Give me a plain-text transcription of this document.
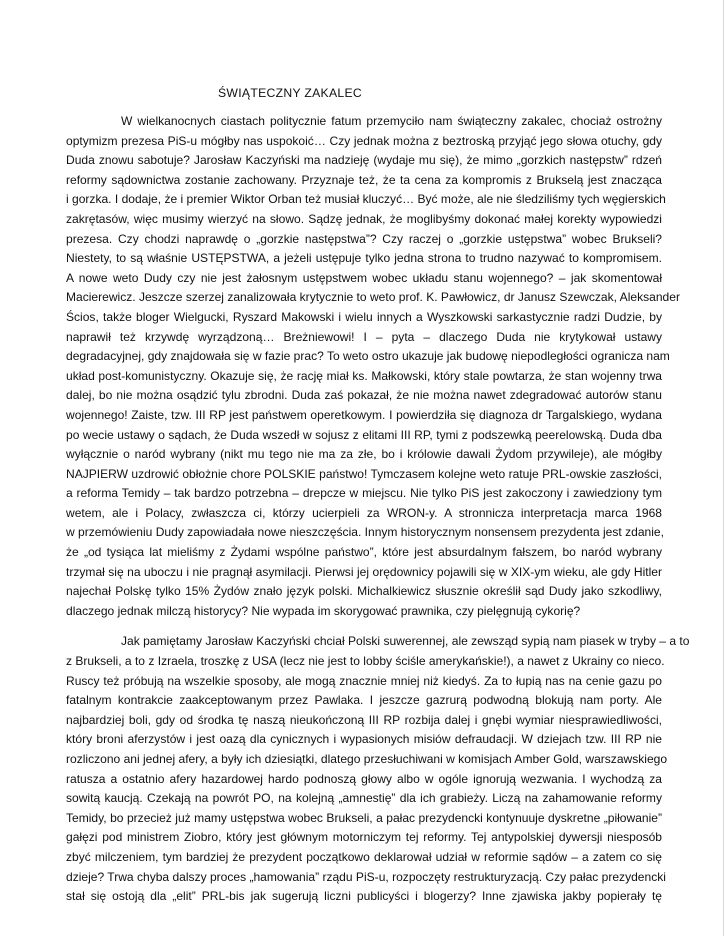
ŚWIĄTECZNY ZAKALEC

W wielkanocnych ciastach politycznie fatum przemyciło nam świąteczny zakalec, chociaż ostrożny
optymizm prezesa PiS-u mógłby nas uspokoić… Czy jednak można z beztroską przyjąć jego słowa otuchy, gdy
Duda znowu sabotuje? Jarosław Kaczyński ma nadzieję (wydaje mu się), że mimo „gorzkich następstw” rdzeń
reformy sądownictwa zostanie zachowany. Przyznaje też, że ta cena za kompromis z Brukselą jest znacząca
i gorzka. I dodaje, że i premier Wiktor Orban też musiał kluczyć… Być może, ale nie śledziliśmy tych węgierskich
zakrętasów, więc musimy wierzyć na słowo. Sądzę jednak, że moglibyśmy dokonać małej korekty wypowiedzi
prezesa. Czy chodzi naprawdę o „gorzkie następstwa”? Czy raczej o „gorzkie ustępstwa” wobec Brukseli?
Niestety, to są właśnie USTĘPSTWA, a jeżeli ustępuje tylko jedna strona to trudno nazywać to kompromisem.
A nowe weto Dudy czy nie jest żałosnym ustępstwem wobec układu stanu wojennego? – jak skomentował
Macierewicz. Jeszcze szerzej zanalizowała krytycznie to weto prof. K. Pawłowicz, dr Janusz Szewczak, Aleksander
Ścios, także bloger Wielgucki, Ryszard Makowski i wielu innych a Wyszkowski sarkastycznie radzi Dudzie, by
naprawił też krzywdę wyrządzoną… Breżniewowi! I – pyta – dlaczego Duda nie krytykował ustawy
degradacyjnej, gdy znajdowała się w fazie prac? To weto ostro ukazuje jak budowę niepodległości ogranicza nam
układ post-komunistyczny. Okazuje się, że rację miał ks. Małkowski, który stale powtarza, że stan wojenny trwa
dalej, bo nie można osądzić tylu zbrodni. Duda zaś pokazał, że nie można nawet zdegradować autorów stanu
wojennego! Zaiste, tzw. III RP jest państwem operetkowym. I powierdziła się diagnoza dr Targalskiego, wydana
po wecie ustawy o sądach, że Duda wszedł w sojusz z elitami III RP, tymi z podszewką peerelowską. Duda dba
wyłącznie o naród wybrany (nikt mu tego nie ma za złe, bo i królowie dawali Żydom przywileje), ale mógłby
NAJPIERW uzdrowić obłożnie chore POLSKIE państwo! Tymczasem kolejne weto ratuje PRL-owskie zaszłości,
a reforma Temidy – tak bardzo potrzebna – drepcze w miejscu. Nie tylko PiS jest zakoczony i zawiedziony tym
wetem, ale i Polacy, zwłaszcza ci, którzy ucierpieli za WRON-y. A stronnicza interpretacja marca 1968
w przemówieniu Dudy zapowiadała nowe nieszczęścia. Innym historycznym nonsensem prezydenta jest zdanie,
że „od tysiąca lat mieliśmy z Żydami wspólne państwo”, które jest absurdalnym fałszem, bo naród wybrany
trzymał się na uboczu i nie pragnął asymilacji. Pierwsi jej orędownicy pojawili się w XIX-ym wieku, ale gdy Hitler
najechał Polskę tylko 15% Żydów znało język polski. Michalkiewicz słusznie określił sąd Dudy jako szkodliwy,
dlaczego jednak milczą historycy? Nie wypada im skorygować prawnika, czy pielęgnują cykorię?

Jak pamiętamy Jarosław Kaczyński chciał Polski suwerennej, ale zewsząd sypią nam piasek w tryby – a to
z Brukseli, a to z Izraela, troszkę z USA (lecz nie jest to lobby ściśle amerykańskie!), a nawet z Ukrainy co nieco.
Ruscy też próbują na wszelkie sposoby, ale mogą znacznie mniej niż kiedyś. Za to łupią nas na cenie gazu po
fatalnym kontrakcie zaakceptowanym przez Pawlaka. I jeszcze gazrurą podwodną blokują nam porty. Ale
najbardziej boli, gdy od środka tę naszą nieukończoną III RP rozbija dalej i gnębi wymiar niesprawiedliwości,
który broni aferzystów i jest oazą dla cynicznych i wypasionych misiów defraudacji. W dziejach tzw. III RP nie
rozliczono ani jednej afery, a były ich dziesiątki, dlatego przesłuchiwani w komisjach Amber Gold, warszawskiego
ratusza a ostatnio afery hazardowej hardo podnoszą głowy albo w ogóle ignorują wezwania. I wychodzą za
sowitą kaucją. Czekają na powrót PO, na kolejną „amnestię” dla ich grabieży. Liczą na zahamowanie reformy
Temidy, bo przecież już mamy ustępstwa wobec Brukseli, a pałac prezydencki kontynuuje dyskretne „piłowanie”
gałęzi pod ministrem Ziobro, który jest głównym motorniczym tej reformy. Tej antypolskiej dywersji niesposób
zbyć milczeniem, tym bardziej że prezydent początkowo deklarował udział w reformie sądów – a zatem co się
dzieje? Trwa chyba dalszy proces „hamowania” rządu PiS-u, rozpoczęty restrukturyzacją. Czy pałac prezydencki
stał się ostoją dla „elit” PRL-bis jak sugerują liczni publicyści i blogerzy? Inne zjawiska jakby popierały tę
